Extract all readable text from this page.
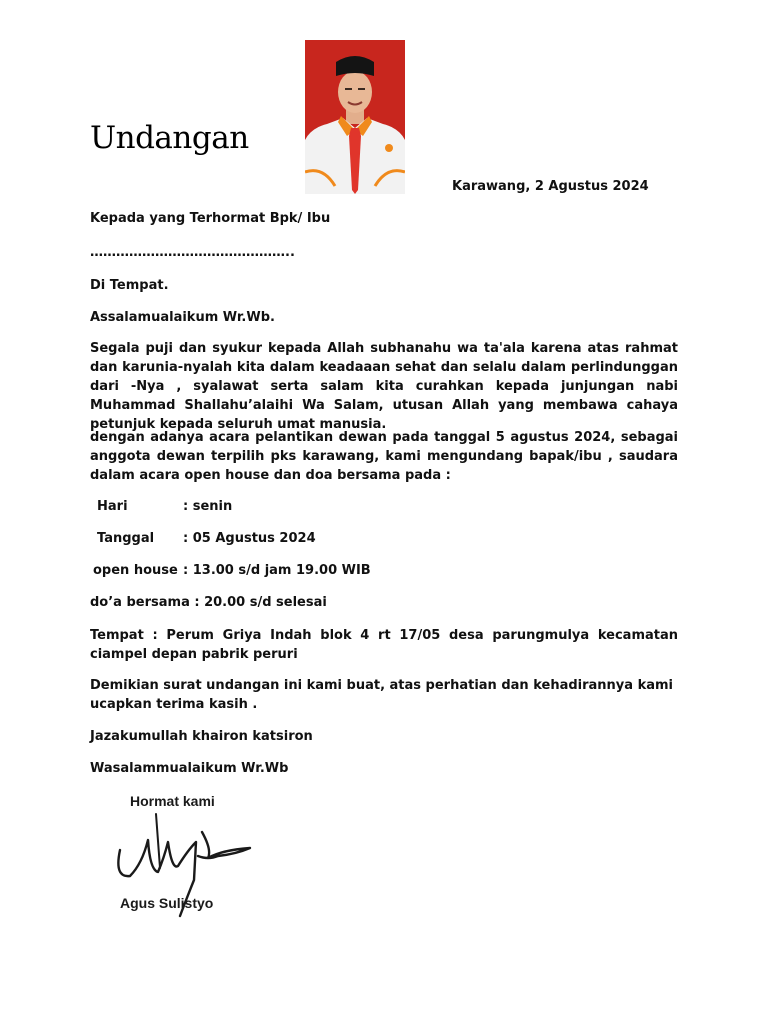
Undangan
Karawang, 2 Agustus 2024
Kepada yang Terhormat Bpk/ Ibu
………………………………………..
Di Tempat.
Assalamualaikum Wr.Wb.
Segala puji dan syukur kepada Allah subhanahu wa ta'ala karena atas rahmat dan karunia-nyalah kita dalam keadaaan sehat dan selalu dalam perlindunggan dari -Nya , syalawat serta salam kita curahkan kepada junjungan nabi Muhammad Shallahu’alaihi Wa Salam, utusan Allah yang membawa cahaya petunjuk kepada seluruh umat manusia.
dengan adanya acara pelantikan dewan pada tanggal 5 agustus 2024, sebagai anggota dewan terpilih pks karawang, kami mengundang bapak/ibu , saudara dalam acara open house dan doa bersama pada :
Hari	: senin
Tanggal : 05 Agustus 2024
open house : 13.00 s/d jam 19.00 WIB
do’a bersama : 20.00 s/d selesai
Tempat : Perum Griya Indah blok 4 rt 17/05 desa parungmulya kecamatan ciampel depan pabrik peruri
Demikian surat undangan ini kami buat, atas perhatian dan kehadirannya kami ucapkan terima kasih .
Jazakumullah khairon katsiron
Wasalammualaikum Wr.Wb
Hormat kami
Agus Sulistyo
